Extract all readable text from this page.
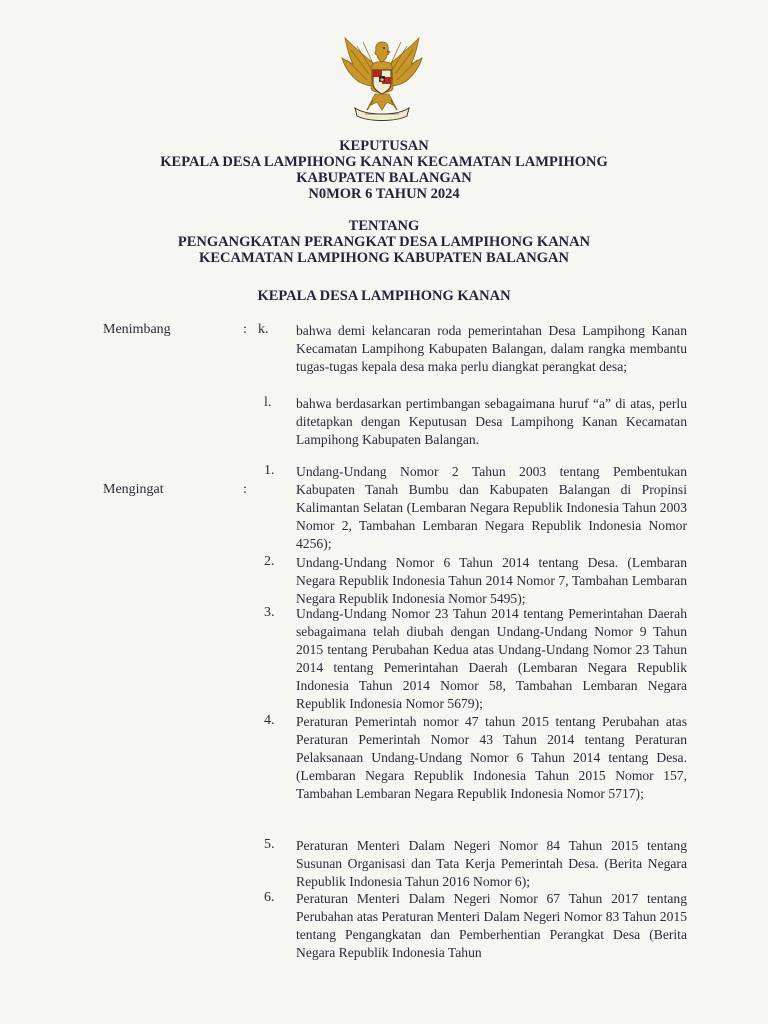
KEPUTUSAN
KEPALA DESA LAMPIHONG KANAN KECAMATAN LAMPIHONG
KABUPATEN BALANGAN
N0MOR 6 TAHUN 2024
TENTANG
PENGANGKATAN PERANGKAT DESA LAMPIHONG KANAN
KECAMATAN LAMPIHONG KABUPATEN BALANGAN
KEPALA DESA LAMPIHONG KANAN
Menimbang	: k.	bahwa demi kelancaran roda pemerintahan Desa Lampihong Kanan Kecamatan Lampihong Kabupaten Balangan, dalam rangka membantu tugas-tugas kepala desa maka perlu diangkat perangkat desa;
l.	bahwa berdasarkan pertimbangan sebagaimana huruf “a” di atas, perlu ditetapkan dengan Keputusan Desa Lampihong Kanan Kecamatan Lampihong Kabupaten Balangan.
Mengingat	:
1.	Undang-Undang Nomor 2 Tahun 2003 tentang Pembentukan Kabupaten Tanah Bumbu dan Kabupaten Balangan di Propinsi Kalimantan Selatan (Lembaran Negara Republik Indonesia Tahun 2003 Nomor 2, Tambahan Lembaran Negara Republik Indonesia Nomor 4256);
2.	Undang-Undang Nomor 6 Tahun 2014 tentang Desa. (Lembaran Negara Republik Indonesia Tahun 2014 Nomor 7, Tambahan Lembaran Negara Republik Indonesia Nomor 5495);
3.	Undang-Undang Nomor 23 Tahun 2014 tentang Pemerintahan Daerah sebagaimana telah diubah dengan Undang-Undang Nomor 9 Tahun 2015 tentang Perubahan Kedua atas Undang-Undang Nomor 23 Tahun 2014 tentang Pemerintahan Daerah (Lembaran Negara Republik Indonesia Tahun 2014 Nomor 58, Tambahan Lembaran Negara Republik Indonesia Nomor 5679);
4.	Peraturan Pemerintah nomor 47 tahun 2015 tentang Perubahan atas Peraturan Pemerintah Nomor 43 Tahun 2014 tentang Peraturan Pelaksanaan Undang-Undang Nomor 6 Tahun 2014 tentang Desa. (Lembaran Negara Republik Indonesia Tahun 2015 Nomor 157, Tambahan Lembaran Negara Republik Indonesia Nomor 5717);
5.	Peraturan Menteri Dalam Negeri Nomor 84 Tahun 2015 tentang Susunan Organisasi dan Tata Kerja Pemerintah Desa. (Berita Negara Republik Indonesia Tahun 2016 Nomor 6);
6.	Peraturan Menteri Dalam Negeri Nomor 67 Tahun 2017 tentang Perubahan atas Peraturan Menteri Dalam Negeri Nomor 83 Tahun 2015 tentang Pengangkatan dan Pemberhentian Perangkat Desa (Berita Negara Republik Indonesia Tahun
